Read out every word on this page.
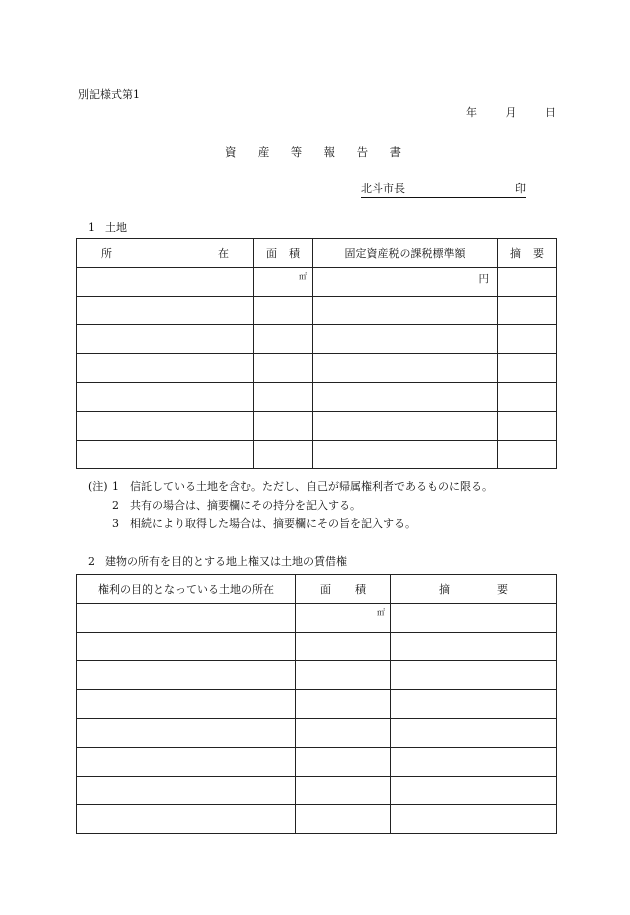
別記様式第1
年	月	日
資 産 等 報 告 書
北斗市長	印
1 土地
所 在	面 積	固定資産税の課税標準額	摘 要

	㎡	円	

(注) 1	信託している土地を含む。ただし、自己が帰属権利者であるものに限る。
2	共有の場合は、摘要欄にその持分を記入する。
3	相続により取得した場合は、摘要欄にその旨を記入する。
2 建物の所有を目的とする地上権又は土地の賃借権
権利の目的となっている土地の所在	面 積	摘 要

	㎡	
